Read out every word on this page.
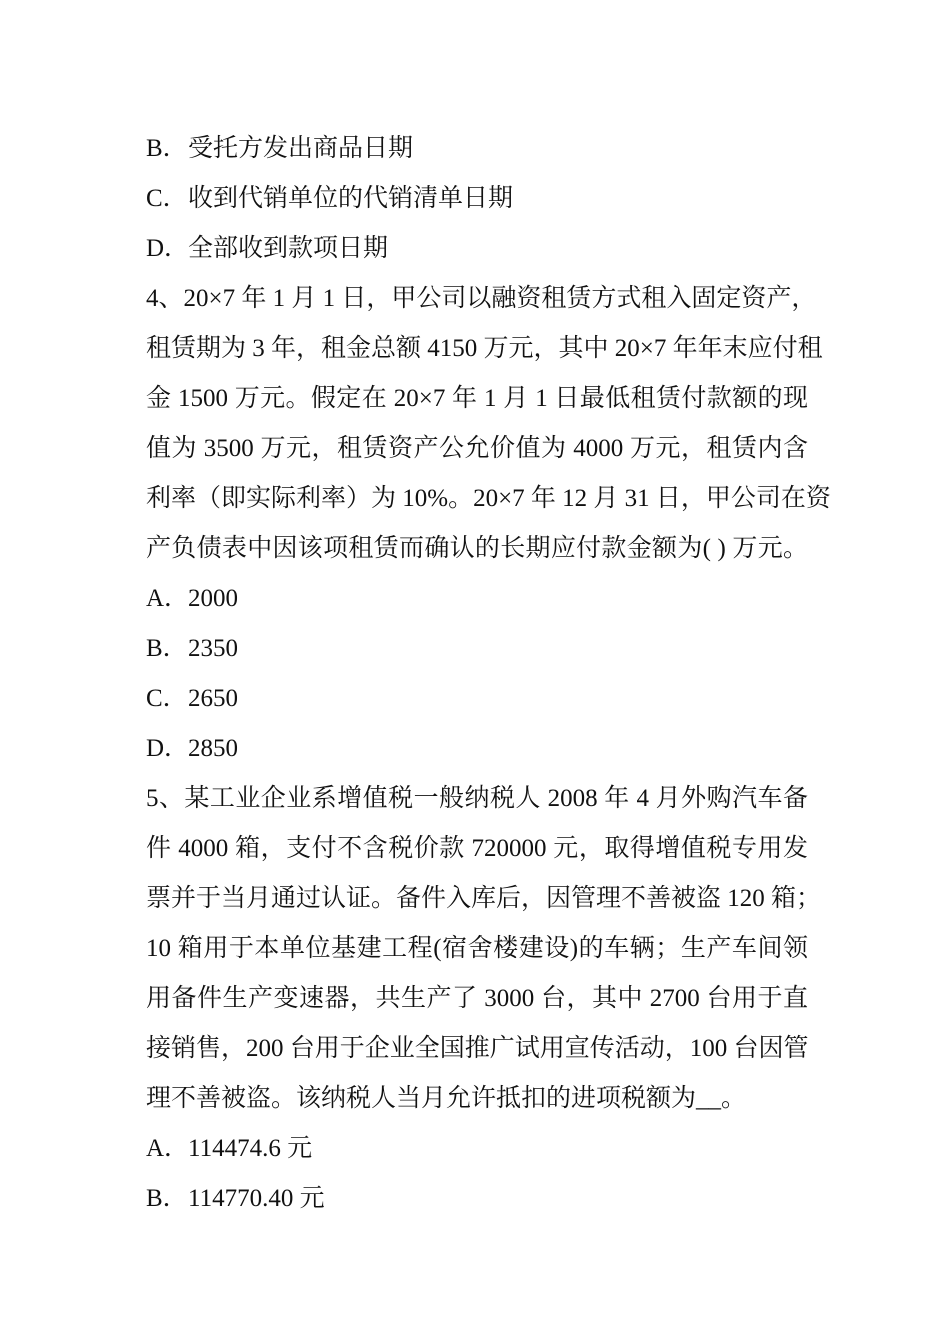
B．受托方发出商品日期
C．收到代销单位的代销清单日期
D．全部收到款项日期
4、20×7 年 1 月 1 日，甲公司以融资租赁方式租入固定资产，
租赁期为 3 年，租金总额 4150 万元，其中 20×7 年年末应付租
金 1500 万元。假定在 20×7 年 1 月 1 日最低租赁付款额的现
值为 3500 万元，租赁资产公允价值为 4000 万元，租赁内含
利率（即实际利率）为 10%。20×7 年 12 月 31 日，甲公司在资
产负债表中因该项租赁而确认的长期应付款金额为( ) 万元。
A．2000
B．2350
C．2650
D．2850
5、某工业企业系增值税一般纳税人 2008 年 4 月外购汽车备
件 4000 箱，支付不含税价款 720000 元，取得增值税专用发
票并于当月通过认证。备件入库后，因管理不善被盗 120 箱；
10 箱用于本单位基建工程(宿舍楼建设)的车辆；生产车间领
用备件生产变速器，共生产了 3000 台，其中 2700 台用于直
接销售，200 台用于企业全国推广试用宣传活动，100 台因管
理不善被盗。该纳税人当月允许抵扣的进项税额为__。
A．114474.6 元
B．114770.40 元
